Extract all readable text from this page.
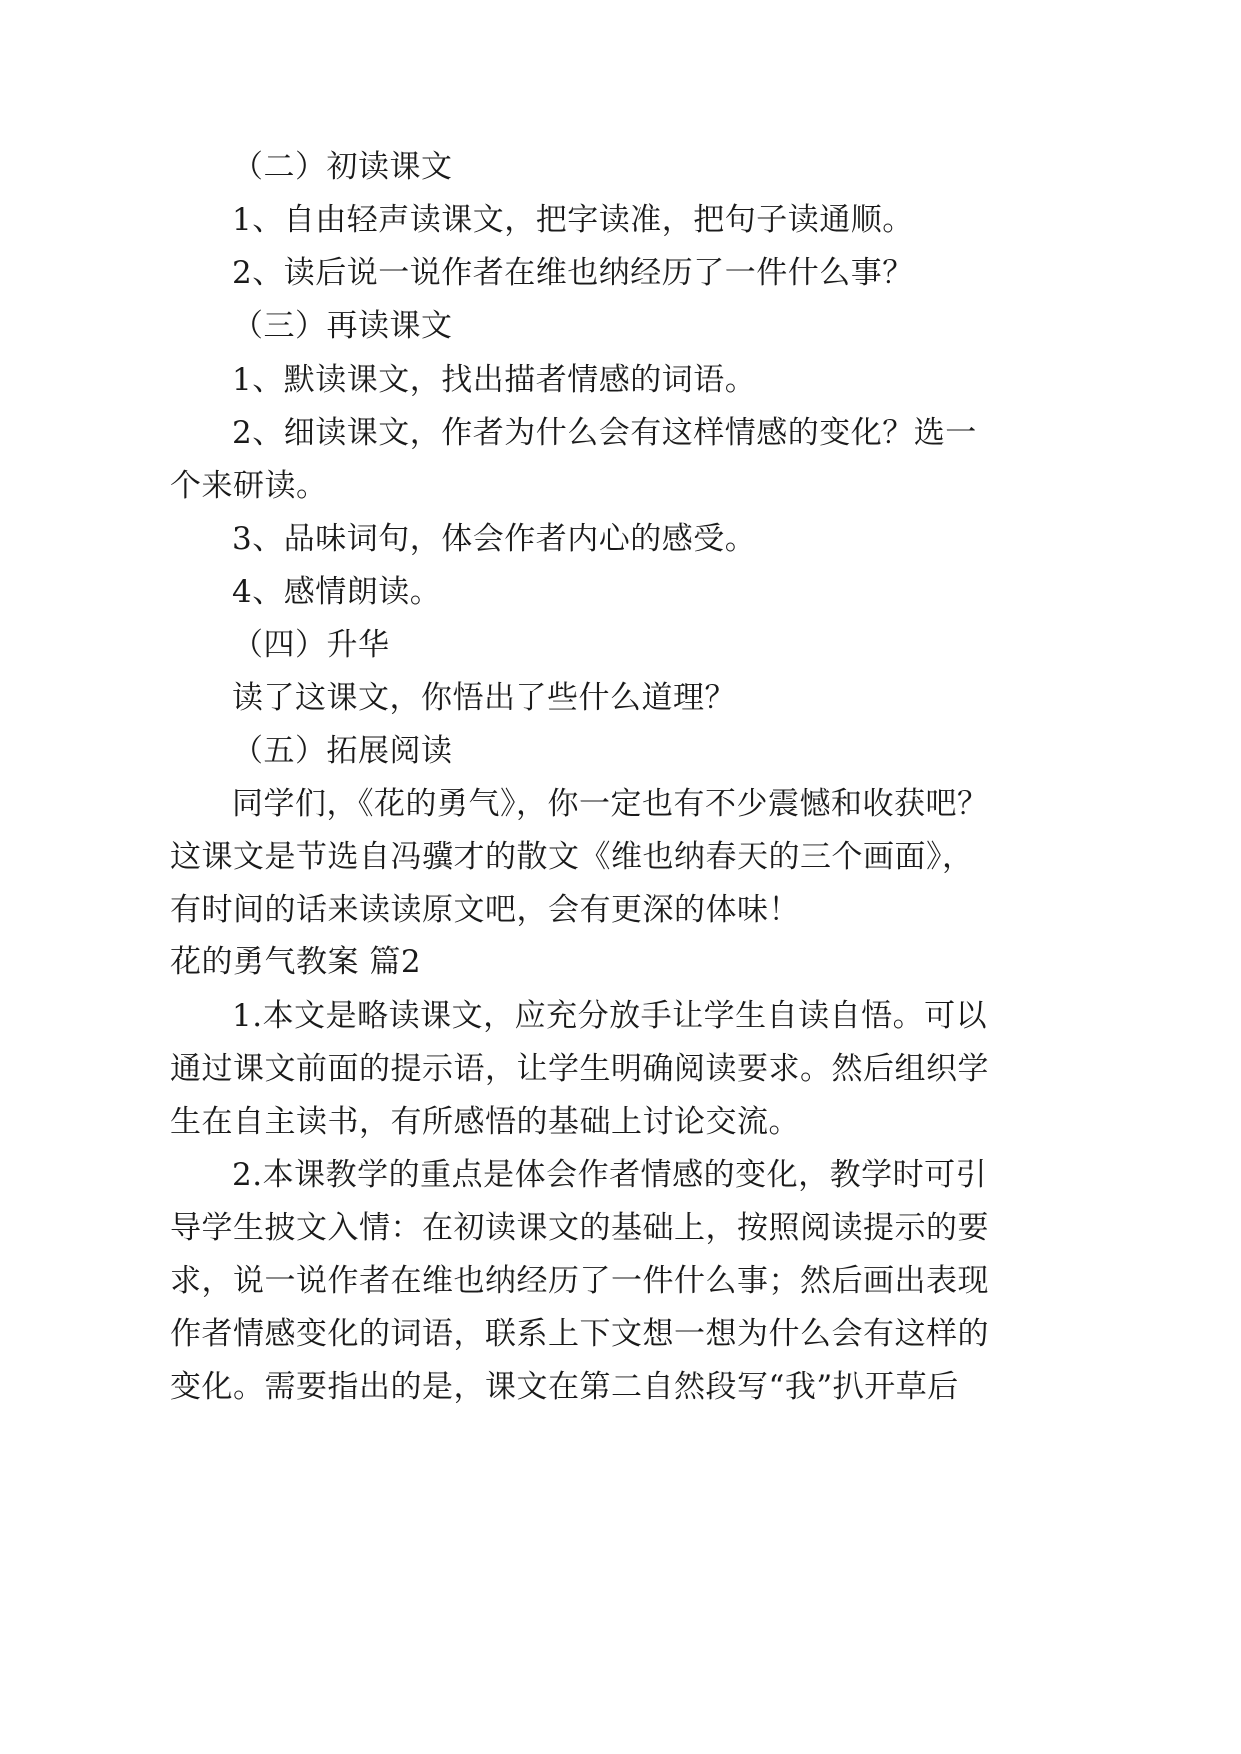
（二）初读课文
1、自由轻声读课文，把字读准，把句子读通顺。
2、读后说一说作者在维也纳经历了一件什么事？
（三）再读课文
1、默读课文，找出描者情感的词语。
2、细读课文，作者为什么会有这样情感的变化？选一
个来研读。
3、品味词句，体会作者内心的感受。
4、感情朗读。
（四）升华
读了这课文，你悟出了些什么道理？
（五）拓展阅读
同学们，《花的勇气》，你一定也有不少震憾和收获吧？
这课文是节选自冯骥才的散文《维也纳春天的三个画面》，
有时间的话来读读原文吧，会有更深的体味！
花的勇气教案 篇2
1.本文是略读课文，应充分放手让学生自读自悟。可以
通过课文前面的提示语，让学生明确阅读要求。然后组织学
生在自主读书，有所感悟的基础上讨论交流。
2.本课教学的重点是体会作者情感的变化，教学时可引
导学生披文入情：在初读课文的基础上，按照阅读提示的要
求，说一说作者在维也纳经历了一件什么事；然后画出表现
作者情感变化的词语，联系上下文想一想为什么会有这样的
变化。需要指出的是，课文在第二自然段写“我”扒开草后
